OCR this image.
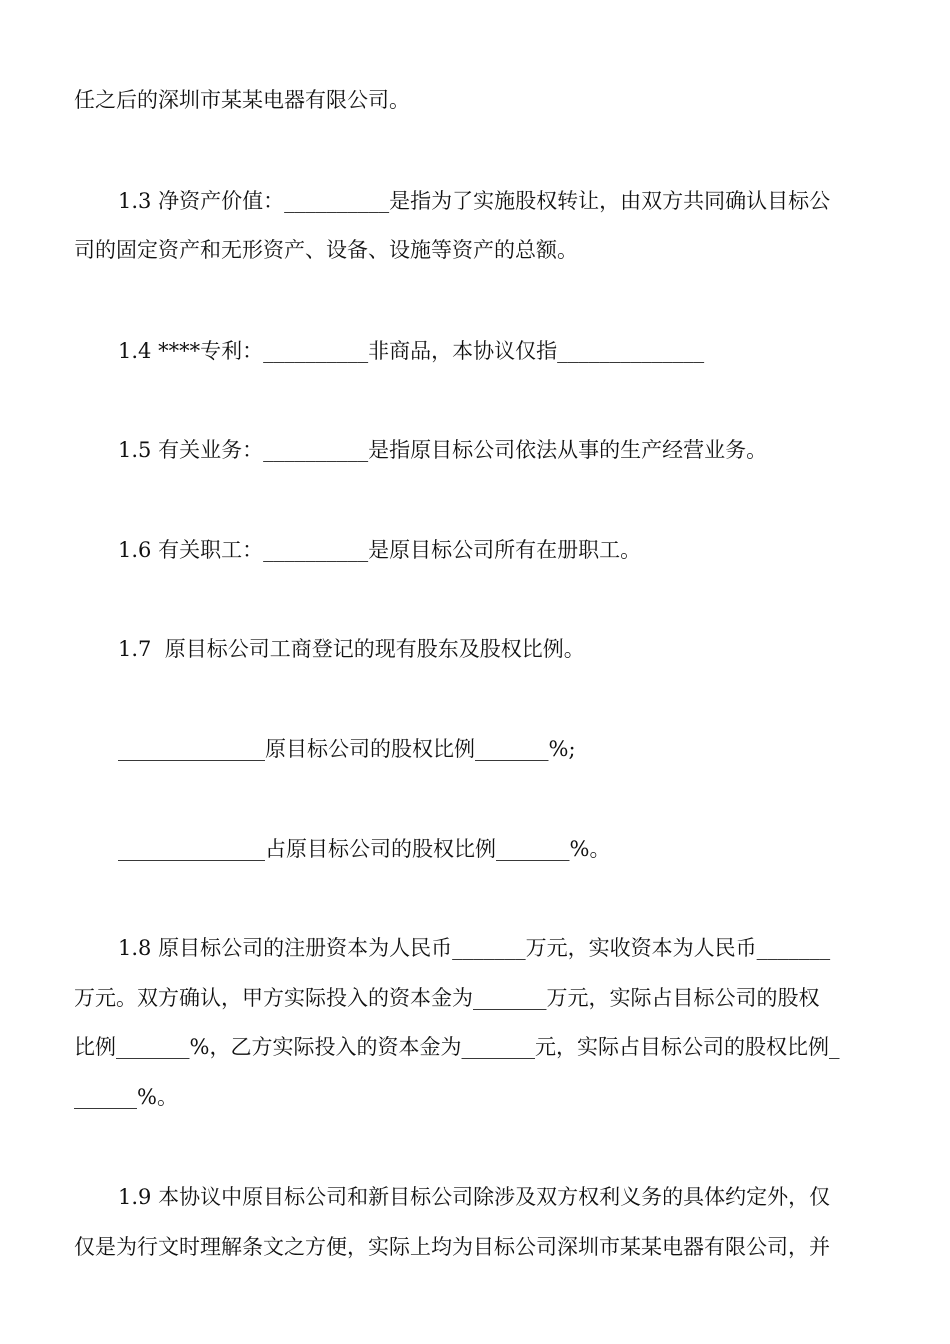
任之后的深圳市某某电器有限公司。
1.3 净资产价值：__________是指为了实施股权转让，由双方共同确认目标公
司的固定资产和无形资产、设备、设施等资产的总额。
1.4 ****专利：__________非商品，本协议仅指______________
1.5 有关业务：__________是指原目标公司依法从事的生产经营业务。
1.6 有关职工：__________是原目标公司所有在册职工。
1.7  原目标公司工商登记的现有股东及股权比例。
______________原目标公司的股权比例_______%;
______________占原目标公司的股权比例_______%。
1.8 原目标公司的注册资本为人民币_______万元，实收资本为人民币_______
万元。双方确认，甲方实际投入的资本金为_______万元，实际占目标公司的股权
比例_______%，乙方实际投入的资本金为_______元，实际占目标公司的股权比例_
______%。
1.9 本协议中原目标公司和新目标公司除涉及双方权利义务的具体约定外，仅
仅是为行文时理解条文之方便，实际上均为目标公司深圳市某某电器有限公司，并
